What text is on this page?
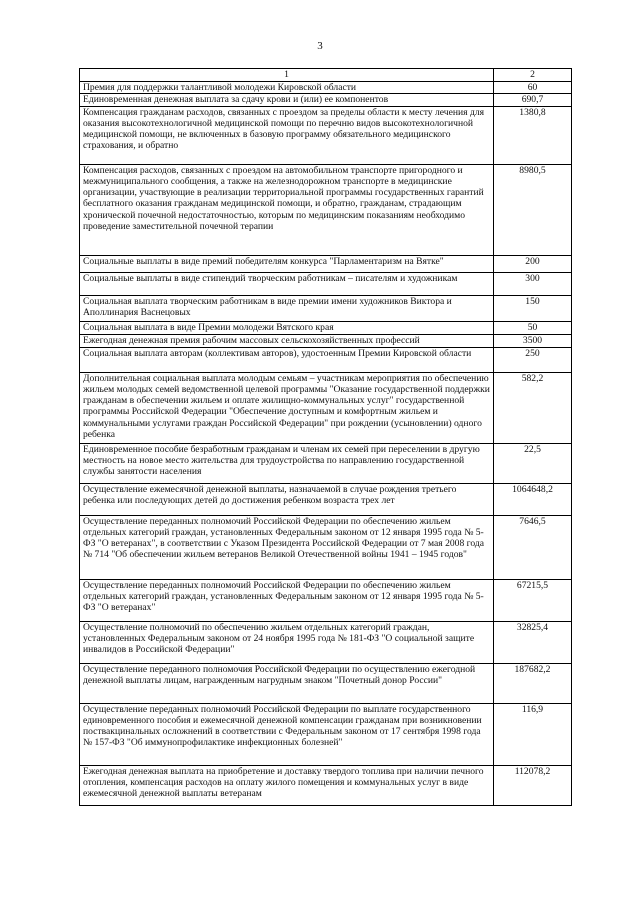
3
1	2
Премия для поддержки талантливой молодежи Кировской области	60
Единовременная денежная выплата за сдачу крови и (или) ее компонентов	690,7
Компенсация гражданам расходов, связанных с проездом за пределы области к месту лечения для оказания высокотехнологичной медицинской помощи по перечню видов высокотехнологичной медицинской помощи, не включенных в базовую программу обязательного медицинского страхования, и обратно	1380,8
Компенсация расходов, связанных с проездом на автомобильном транспорте пригородного и межмуниципального сообщения, а также на железнодорожном транспорте в медицинские организации, участвующие в реализации территориальной программы государственных гарантий бесплатного оказания гражданам медицинской помощи, и обратно, гражданам, страдающим хронической почечной недостаточностью, которым по медицинским показаниям необходимо проведение заместительной почечной терапии	8980,5
Социальные выплаты в виде премий победителям конкурса "Парламентаризм на Вятке"	200
Социальные выплаты в виде стипендий творческим работникам – писателям и художникам	300
Социальная выплата творческим работникам в виде премии имени художников Виктора и Аполлинария Васнецовых	150
Социальная выплата в виде Премии молодежи Вятского края	50
Ежегодная денежная премия рабочим массовых сельскохозяйственных профессий	3500
Социальная выплата авторам (коллективам авторов), удостоенным Премии Кировской области	250
Дополнительная социальная выплата молодым семьям – участникам мероприятия по обеспечению жильем молодых семей ведомственной целевой программы "Оказание государственной поддержки гражданам в обеспечении жильем и оплате жилищно-коммунальных услуг" государственной программы Российской Федерации "Обеспечение доступным и комфортным жильем и коммунальными услугами граждан Российской Федерации" при рождении (усыновлении) одного ребенка	582,2
Единовременное пособие безработным гражданам и членам их семей при переселении в другую местность на новое место жительства для трудоустройства по направлению государственной службы занятости населения	22,5
Осуществление ежемесячной денежной выплаты, назначаемой в случае рождения третьего ребенка или последующих детей до достижения ребенком возраста трех лет	1064648,2
Осуществление переданных полномочий Российской Федерации по обеспечению жильем отдельных категорий граждан, установленных Федеральным законом от 12 января 1995 года № 5-ФЗ "О ветеранах", в соответствии с Указом Президента Российской Федерации от 7 мая 2008 года № 714 "Об обеспечении жильем ветеранов Великой Отечественной войны 1941 – 1945 годов"	7646,5
Осуществление переданных полномочий Российской Федерации по обеспечению жильем отдельных категорий граждан, установленных Федеральным законом от 12 января 1995 года № 5-ФЗ "О ветеранах"	67215,5
Осуществление полномочий по обеспечению жильем отдельных категорий граждан, установленных Федеральным законом от 24 ноября 1995 года № 181-ФЗ "О социальной защите инвалидов в Российской Федерации"	32825,4
Осуществление переданного полномочия Российской Федерации по осуществлению ежегодной денежной выплаты лицам, награжденным нагрудным знаком "Почетный донор России"	187682,2
Осуществление переданных полномочий Российской Федерации по выплате государственного единовременного пособия и ежемесячной денежной компенсации гражданам при возникновении поствакцинальных осложнений в соответствии с Федеральным законом от 17 сентября 1998 года № 157-ФЗ "Об иммунопрофилактике инфекционных болезней"	116,9
Ежегодная денежная выплата на приобретение и доставку твердого топлива при наличии печного отопления, компенсация расходов на оплату жилого помещения и коммунальных услуг в виде ежемесячной денежной выплаты ветеранам	112078,2
